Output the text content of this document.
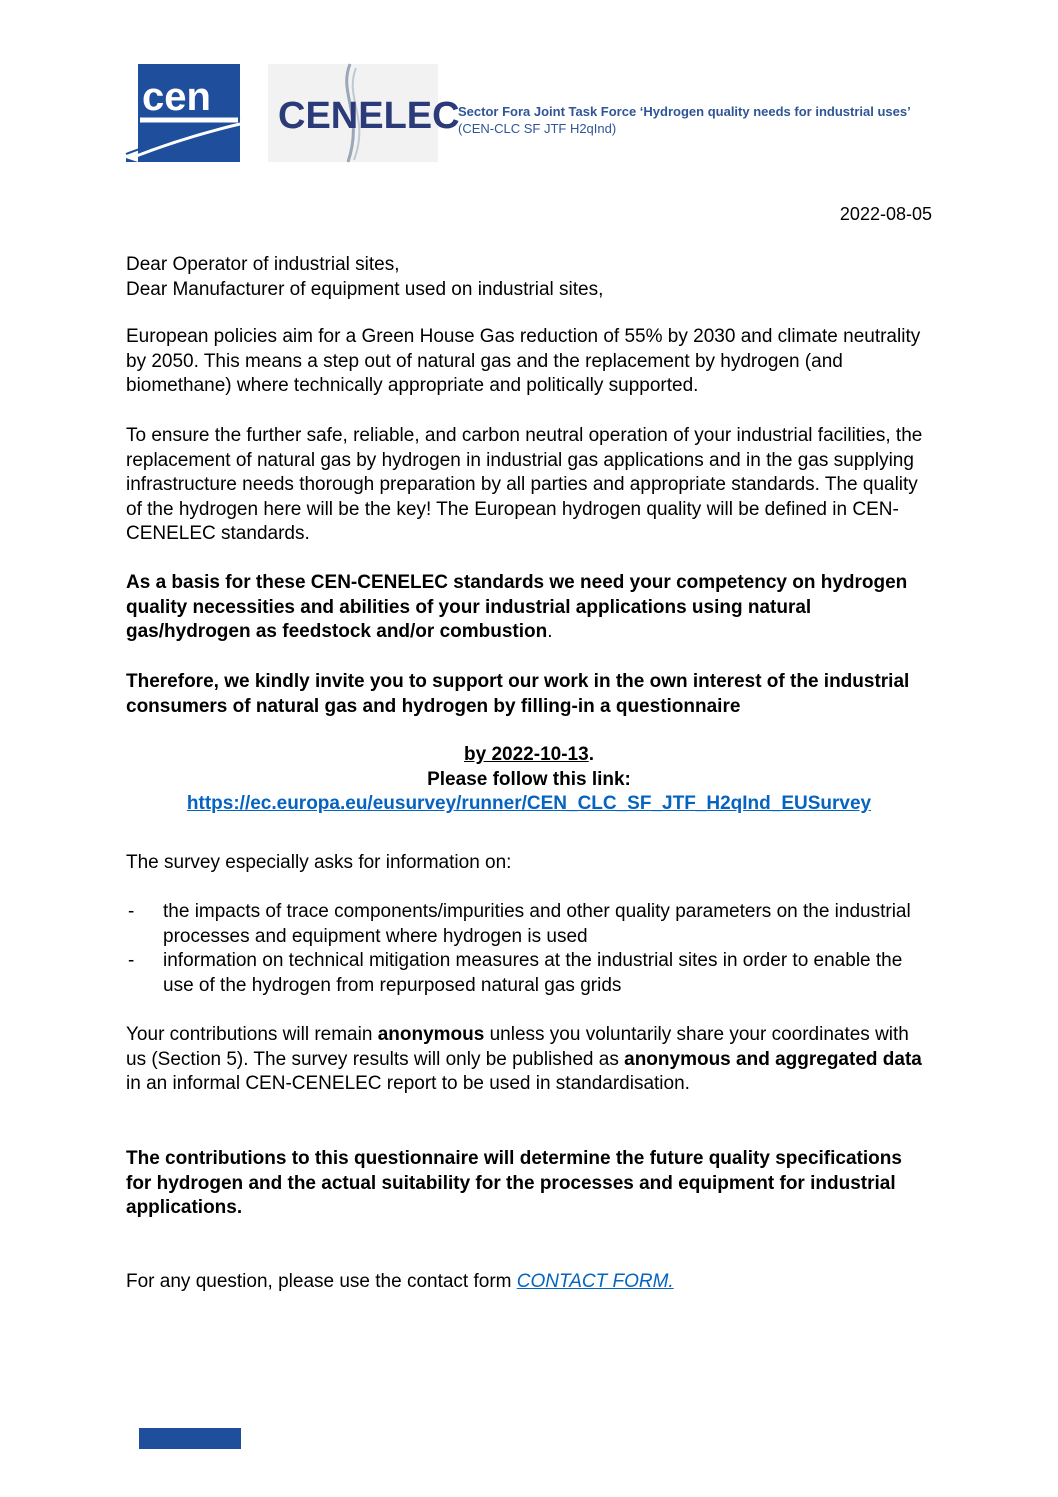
cen CENELEC
Sector Fora Joint Task Force ‘Hydrogen quality needs for industrial uses’
(CEN-CLC SF JTF H2qInd)
2022-08-05

Dear Operator of industrial sites,
Dear Manufacturer of equipment used on industrial sites,

European policies aim for a Green House Gas reduction of 55% by 2030 and climate neutrality by 2050. This means a step out of natural gas and the replacement by hydrogen (and biomethane) where technically appropriate and politically supported.

To ensure the further safe, reliable, and carbon neutral operation of your industrial facilities, the replacement of natural gas by hydrogen in industrial gas applications and in the gas supplying infrastructure needs thorough preparation by all parties and appropriate standards. The quality of the hydrogen here will be the key! The European hydrogen quality will be defined in CEN-CENELEC standards.

As a basis for these CEN-CENELEC standards we need your competency on hydrogen quality necessities and abilities of your industrial applications using natural gas/hydrogen as feedstock and/or combustion.

Therefore, we kindly invite you to support our work in the own interest of the industrial consumers of natural gas and hydrogen by filling-in a questionnaire

by 2022-10-13.

Please follow this link:

https://ec.europa.eu/eusurvey/runner/CEN_CLC_SF_JTF_H2qInd_EUSurvey

The survey especially asks for information on:

- the impacts of trace components/impurities and other quality parameters on the industrial processes and equipment where hydrogen is used
- information on technical mitigation measures at the industrial sites in order to enable the use of the hydrogen from repurposed natural gas grids

Your contributions will remain anonymous unless you voluntarily share your coordinates with us (Section 5). The survey results will only be published as anonymous and aggregated data in an informal CEN-CENELEC report to be used in standardisation.

The contributions to this questionnaire will determine the future quality specifications for hydrogen and the actual suitability for the processes and equipment for industrial applications.

For any question, please use the contact form CONTACT FORM.
